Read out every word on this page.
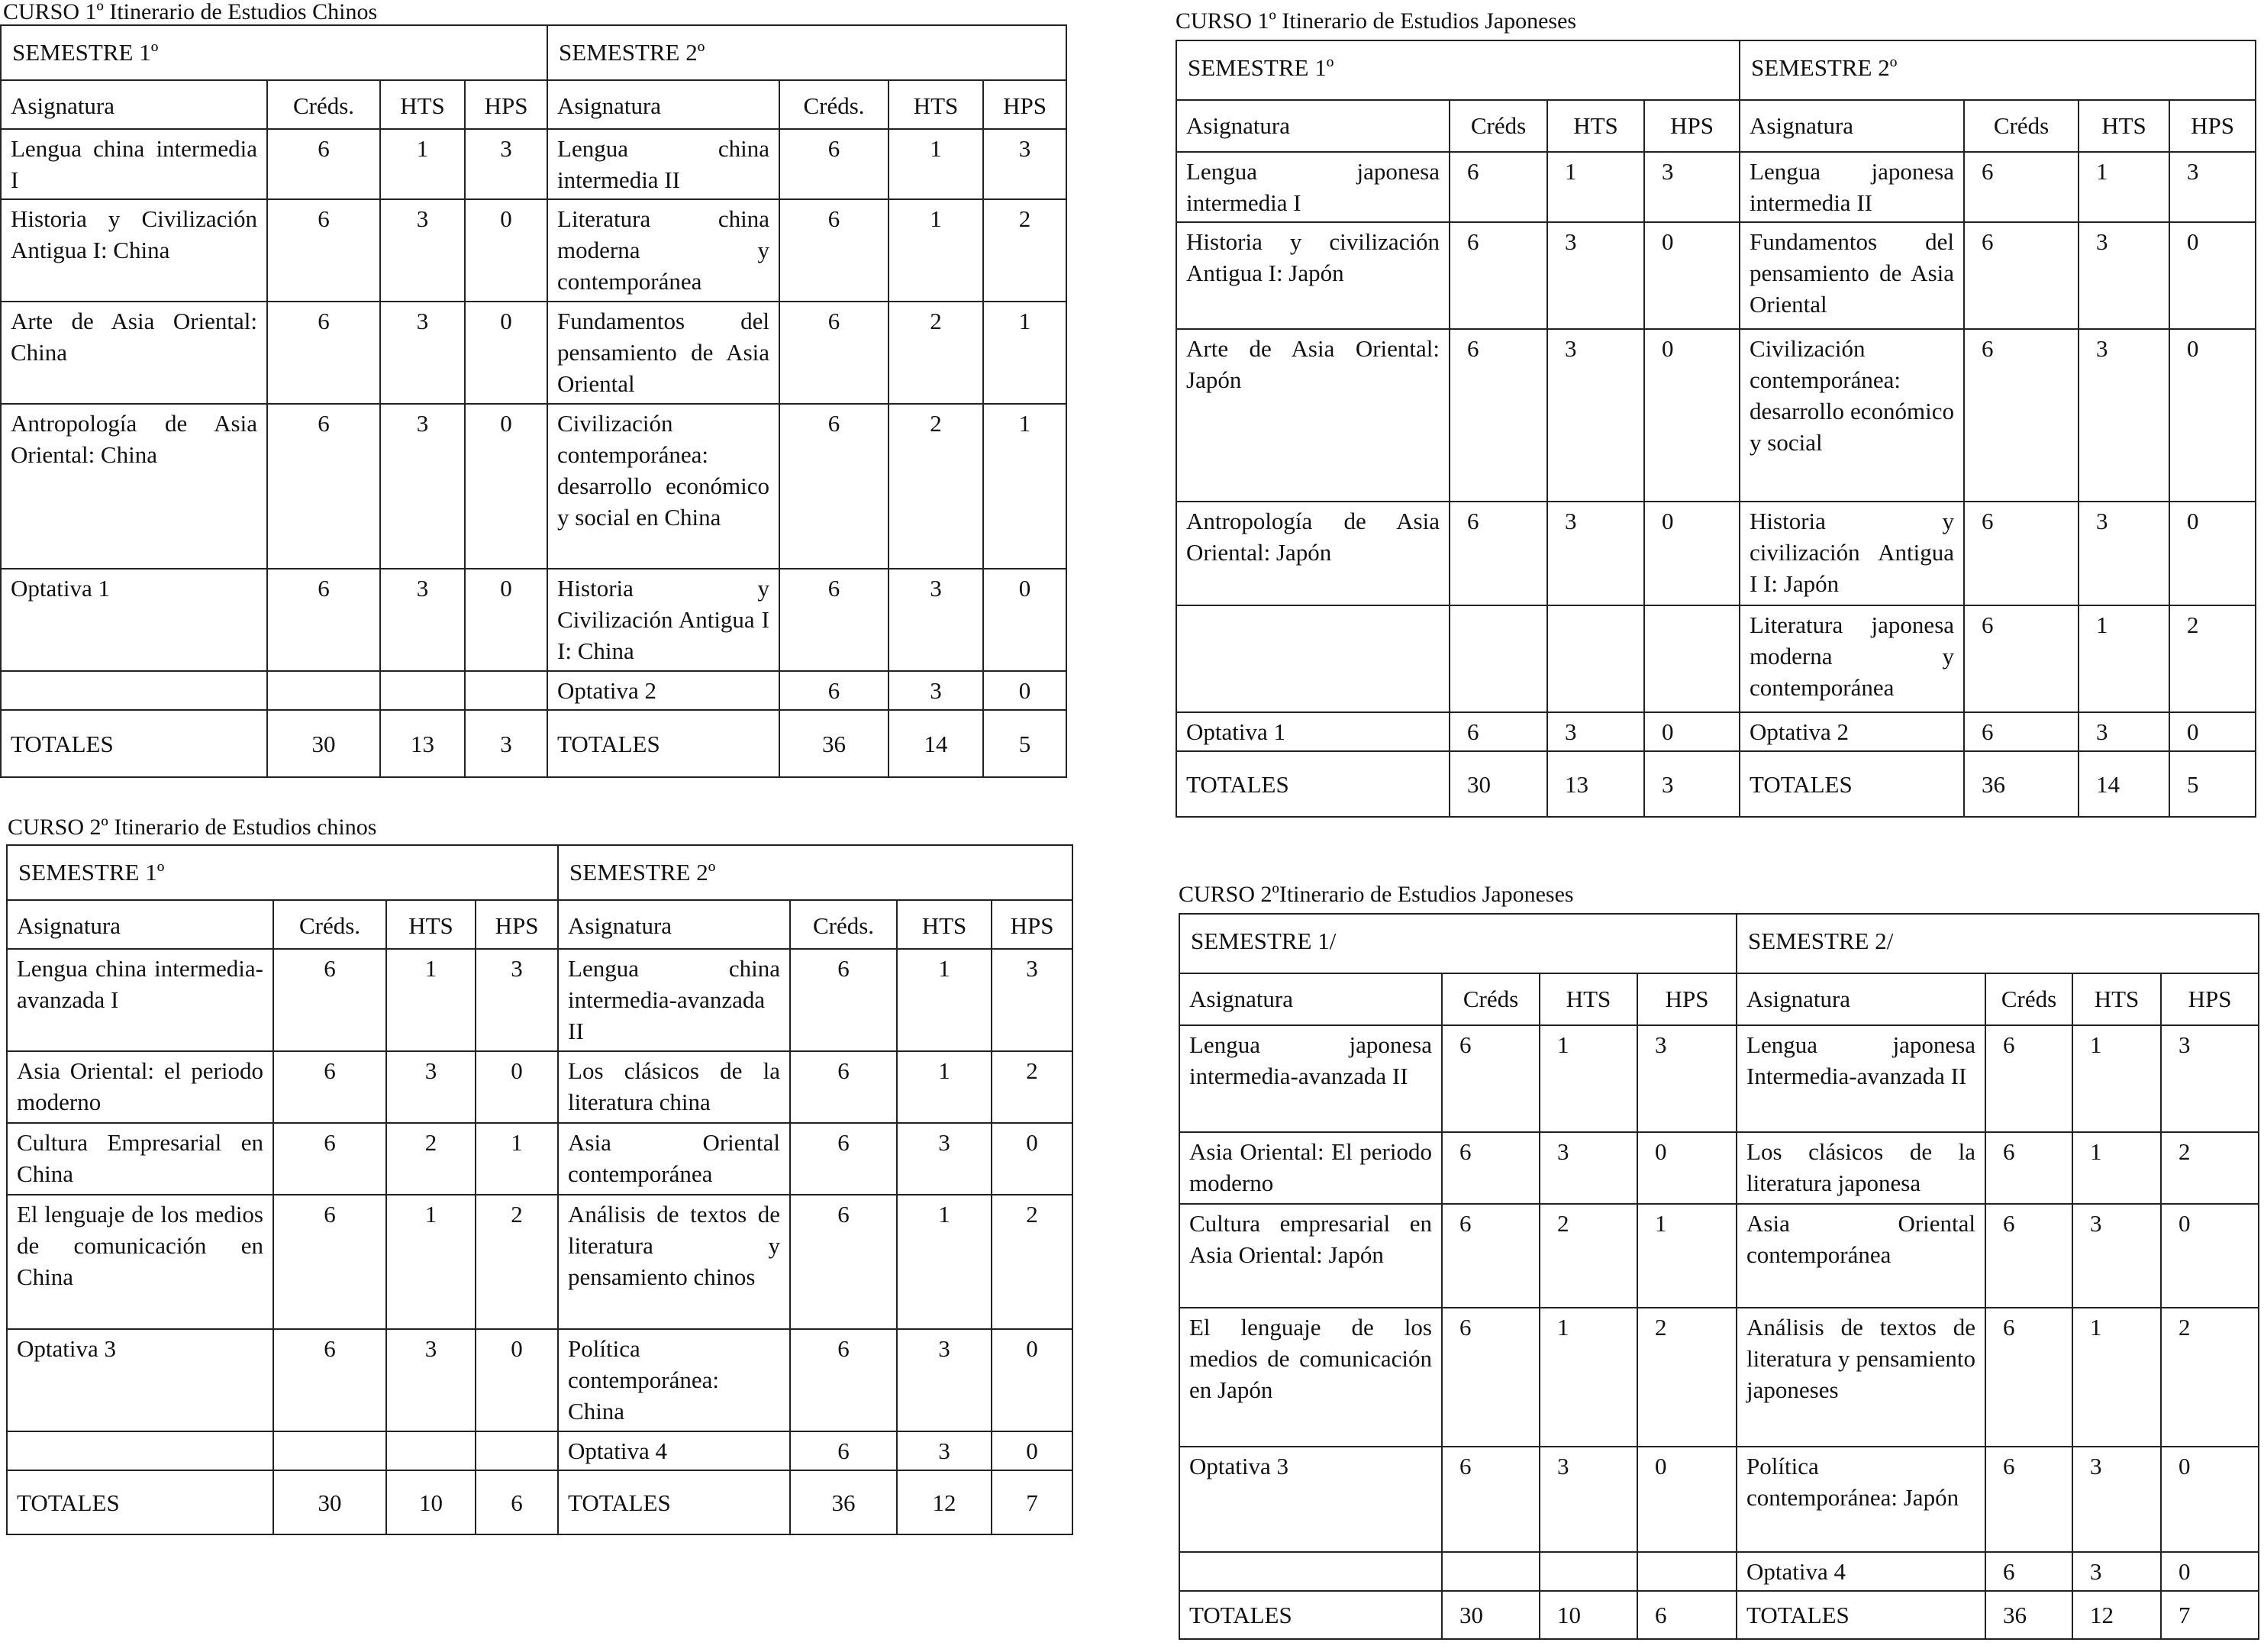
CURSO 1º Itinerario de Estudios Chinos
SEMESTRE 1º				SEMESTRE 2º			
Asignatura	Créds.	HTS	HPS	Asignatura	Créds.	HTS	HPS
Lengua china intermedia I	6	1	3	Lengua china intermedia II	6	1	3
Historia y Civilización Antigua I: China	6	3	0	Literatura china moderna y contemporánea	6	1	2
Arte de Asia Oriental: China	6	3	0	Fundamentos del pensamiento de Asia Oriental	6	2	1
Antropología de Asia Oriental: China	6	3	0	Civilización contemporánea: desarrollo económico y social en China	6	2	1
Optativa 1	6	3	0	Historia y Civilización Antigua I I: China	6	3	0
				Optativa 2	6	3	0
TOTALES	30	13	3	TOTALES	36	14	5
CURSO 2º Itinerario de Estudios chinos
SEMESTRE 1º				SEMESTRE 2º			
Asignatura	Créds.	HTS	HPS	Asignatura	Créds.	HTS	HPS
Lengua china intermedia-avanzada I	6	1	3	Lengua china intermedia-avanzada II	6	1	3
Asia Oriental: el periodo moderno	6	3	0	Los clásicos de la literatura china	6	1	2
Cultura Empresarial en China	6	2	1	Asia Oriental contemporánea	6	3	0
El lenguaje de los medios de comunicación en China	6	1	2	Análisis de textos de literatura y pensamiento chinos	6	1	2
Optativa 3	6	3	0	Política contemporánea: China	6	3	0
				Optativa 4	6	3	0
TOTALES	30	10	6	TOTALES	36	12	7
CURSO 1º Itinerario de Estudios Japoneses
SEMESTRE 1º				SEMESTRE 2º			
Asignatura	Créds	HTS	HPS	Asignatura	Créds	HTS	HPS
Lengua japonesa intermedia I	6	1	3	Lengua japonesa intermedia II	6	1	3
Historia y civilización Antigua I: Japón	6	3	0	Fundamentos del pensamiento de Asia Oriental	6	3	0
Arte de Asia Oriental: Japón	6	3	0	Civilización contemporánea: desarrollo económico y social	6	3	0
Antropología de Asia Oriental: Japón	6	3	0	Historia y civilización Antigua I I: Japón	6	3	0
				Literatura japonesa moderna y contemporánea	6	1	2
Optativa 1	6	3	0	Optativa 2	6	3	0
TOTALES	30	13	3	TOTALES	36	14	5
CURSO 2ºItinerario de Estudios Japoneses
SEMESTRE 1/				SEMESTRE 2/			
Asignatura	Créds	HTS	HPS	Asignatura	Créds	HTS	HPS
Lengua japonesa intermedia-avanzada II	6	1	3	Lengua japonesa Intermedia-avanzada II	6	1	3
Asia Oriental: El periodo moderno	6	3	0	Los clásicos de la literatura japonesa	6	1	2
Cultura empresarial en Asia Oriental: Japón	6	2	1	Asia Oriental contemporánea	6	3	0
El lenguaje de los medios de comunicación en Japón	6	1	2	Análisis de textos de literatura y pensamiento japoneses	6	1	2
Optativa 3	6	3	0	Política contemporánea: Japón	6	3	0
				Optativa 4	6	3	0
TOTALES	30	10	6	TOTALES	36	12	7
